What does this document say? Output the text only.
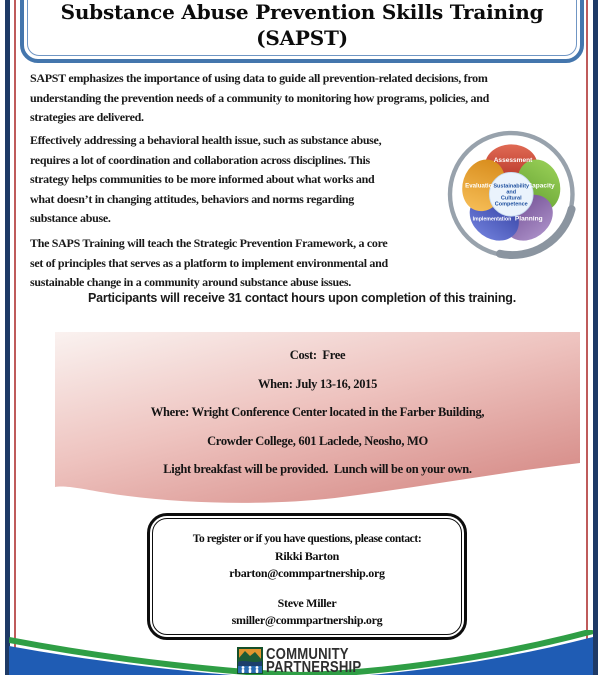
Substance Abuse Prevention Skills Training
(SAPST)
SAPST emphasizes the importance of using data to guide all prevention-related decisions, from
understanding the prevention needs of a community to monitoring how programs, policies, and
strategies are delivered.
Effectively addressing a behavioral health issue, such as substance abuse,
requires a lot of coordination and collaboration across disciplines. This
strategy helps communities to be more informed about what works and
what doesn’t in changing attitudes, behaviors and norms regarding
substance abuse.
The SAPS Training will teach the Strategic Prevention Framework, a core
set of principles that serves as a platform to implement environmental and
sustainable change in a community around substance abuse issues.
Assessment
Capacity
Planning
Implementation
Evaluation
Sustainability
and
Cultural
Competence
Participants will receive 31 contact hours upon completion of this training.
Cost:  Free
When: July 13-16, 2015
Where: Wright Conference Center located in the Farber Building,
Crowder College, 601 Laclede, Neosho, MO
Light breakfast will be provided.  Lunch will be on your own.
To register or if you have questions, please contact:
Rikki Barton
rbarton@commpartnership.org
Steve Miller
smiller@commpartnership.org
COMMUNITY
PARTNERSHIP
